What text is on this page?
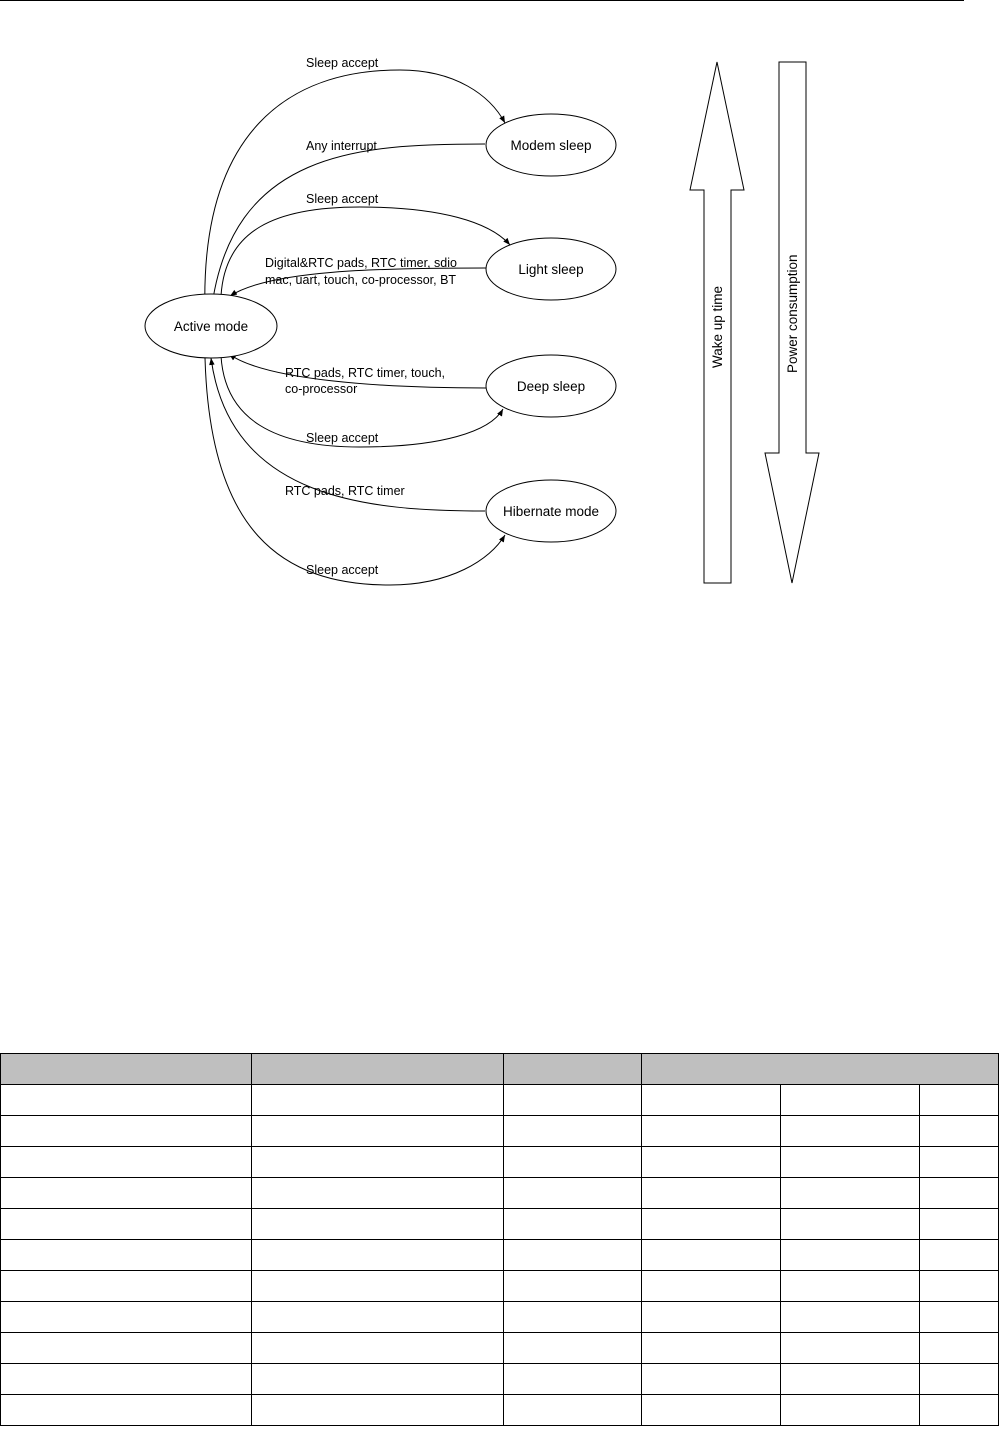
Active mode
Modem sleep
Light sleep
Deep sleep
Hibernate mode
Sleep accept
Any interrupt
Sleep accept
Digital&RTC pads, RTC timer, sdio
mac, uart, touch, co-processor, BT
RTC pads, RTC timer, touch,
co-processor
Sleep accept
RTC pads, RTC timer
Sleep accept
Wake up time	Power consumption
